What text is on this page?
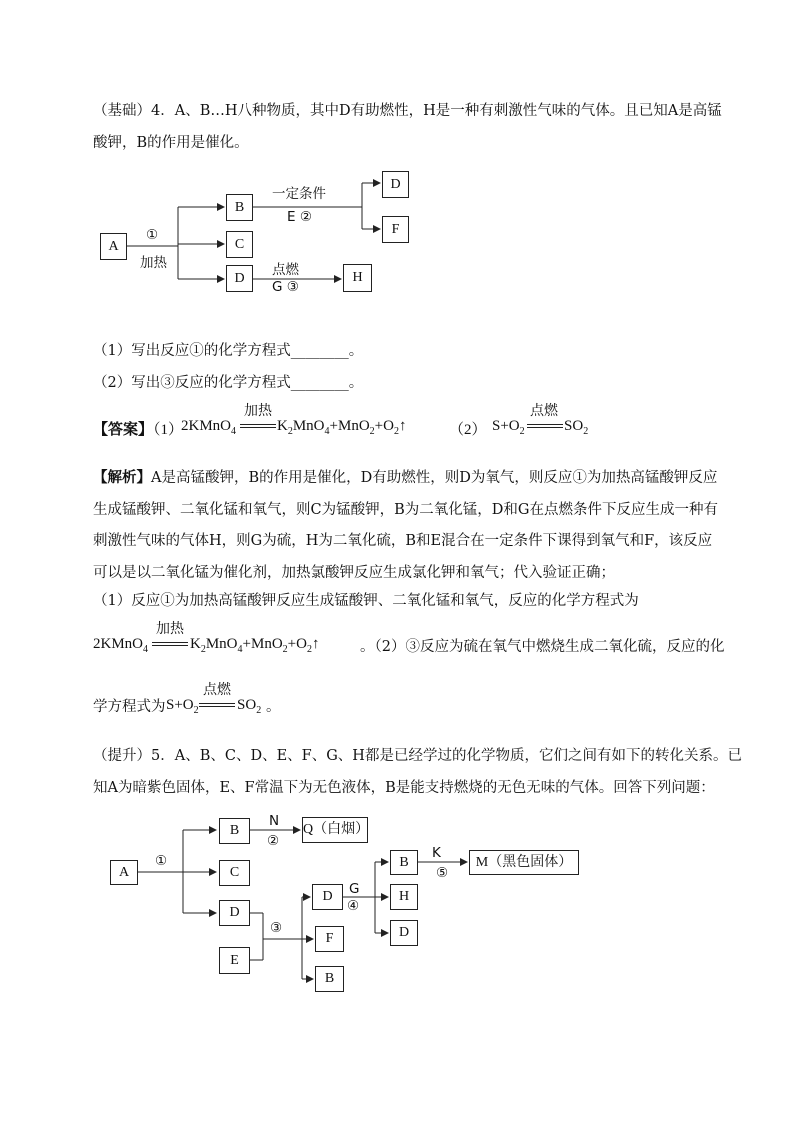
（基础）4．A、B…H八种物质，其中D有助燃性，H是一种有刺激性气味的气体。且已知A是高锰
酸钾，B的作用是催化。
A
B
C
D
D
F
H
①
加热
一定条件
E ②
点燃
G ③
（1）写出反应①的化学方程式________。
（2）写出③反应的化学方程式________。
【答案】（1）
2KMnO$_4$
加热
$K_2MnO_4+MnO_2+O_2↑$	（2） $S+O_2$
点燃
$SO_2$
【解析】A是高锰酸钾，B的作用是催化，D有助燃性，则D为氧气，则反应①为加热高锰酸钾反应
生成锰酸钾、二氧化锰和氧气，则C为锰酸钾，B为二氧化锰，D和G在点燃条件下反应生成一种有
刺激性气味的气体H，则G为硫，H为二氧化硫，B和E混合在一定条件下课得到氧气和F，该反应
可以是以二氧化锰为催化剂，加热氯酸钾反应生成氯化钾和氧气；代入验证正确；
（1）反应①为加热高锰酸钾反应生成锰酸钾、二氧化锰和氧气，反应的化学方程式为
2KMnO$_4$
加热
$K_2MnO_4+MnO_2+O_2↑$	。（2）③反应为硫在氧气中燃烧生成二氧化硫，反应的化
学方程式为 $S+O_2$
点燃
$SO_2$ 。
（提升）5．A、B、C、D、E、F、G、H都是已经学过的化学物质，它们之间有如下的转化关系。已
知A为暗紫色固体，E、F常温下为无色液体，B是能支持燃烧的无色无味的气体。回答下列问题：
A
B
C
D
E
Q（白烟）
D
F
B
B
H
D
M（黑色固体）
①
N
②
③
G
④
K
⑤
